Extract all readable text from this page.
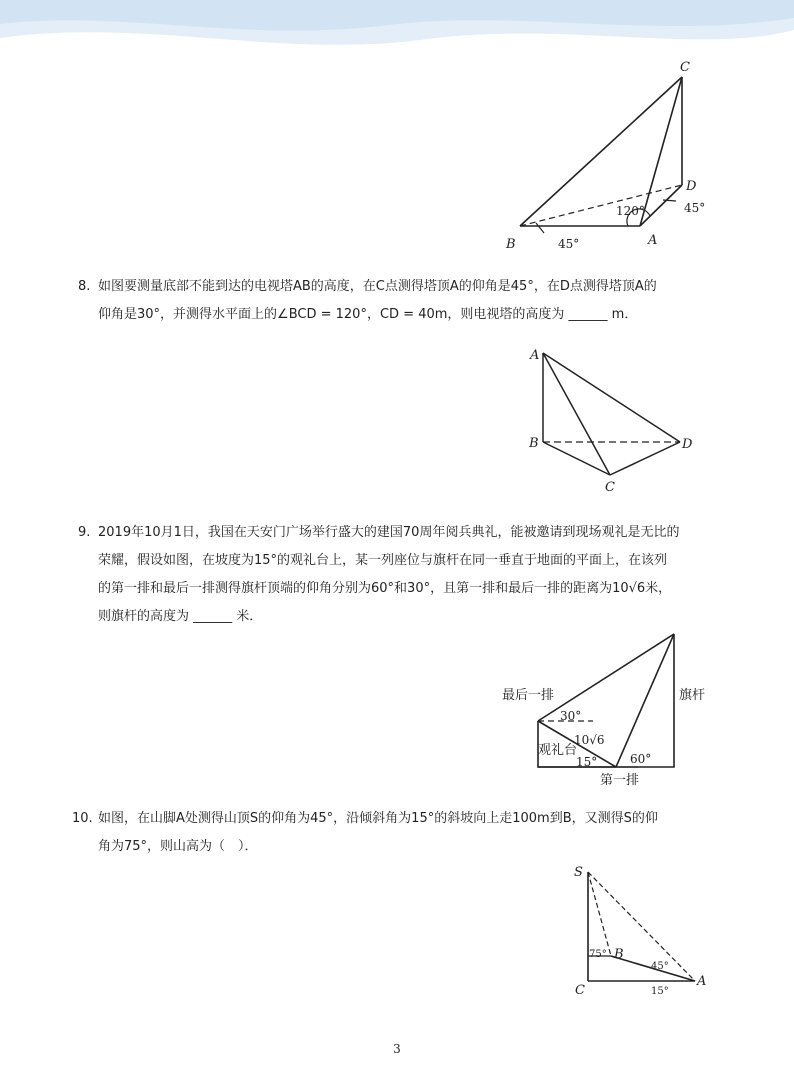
C
D
B	A
120°	45°
45°
8. 如图要测量底部不能到达的电视塔AB的高度，在C点测得塔顶A的仰角是45°，在D点测得塔顶A的
仰角是30°，并测得水平面上的∠BCD = 120°，CD = 40m，则电视塔的高度为 ______ m．
A
B
C
D
9. 2019年10月1日，我国在天安门广场举行盛大的建国70周年阅兵典礼，能被邀请到现场观礼是无比的
荣耀，假设如图，在坡度为15°的观礼台上，某一列座位与旗杆在同一垂直于地面的平面上，在该列
的第一排和最后一排测得旗杆顶端的仰角分别为60°和30°，且第一排和最后一排的距离为10√6米，
则旗杆的高度为 ______ 米．
最后一排	旗杆
观礼台
第一排
30°
10√6
15°	60°
10. 如图，在山脚A处测得山顶S的仰角为45°，沿倾斜角为15°的斜坡向上走100m到B，又测得S的仰
角为75°，则山高为（　）．
S
B
C
A
75°
45°
15°
3
